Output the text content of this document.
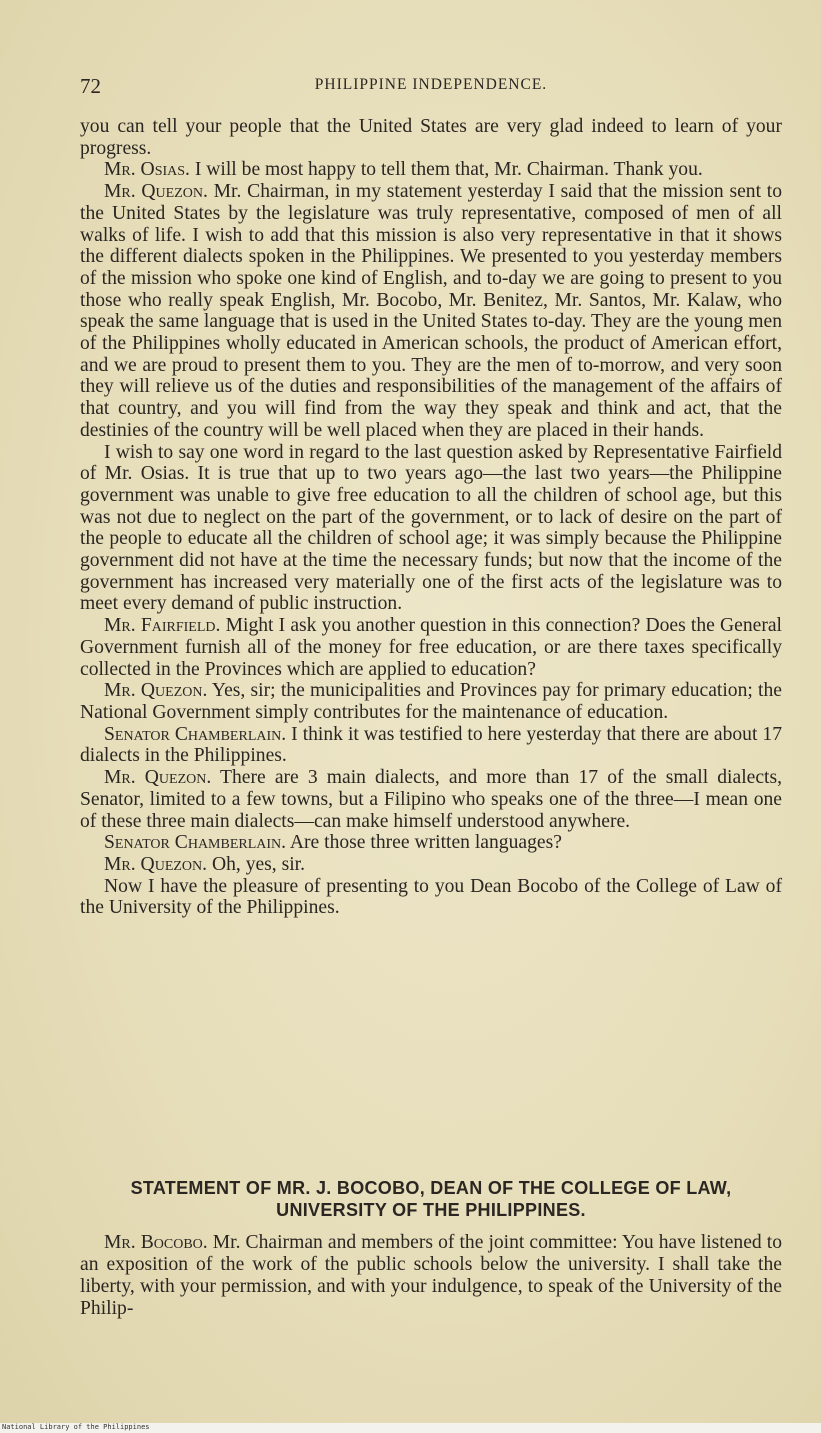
72	PHILIPPINE INDEPENDENCE.

you can tell your people that the United States are very glad indeed to learn of your progress.

Mr. Osias. I will be most happy to tell them that, Mr. Chairman. Thank you.

Mr. Quezon. Mr. Chairman, in my statement yesterday I said that the mission sent to the United States by the legislature was truly representative, composed of men of all walks of life. I wish to add that this mission is also very representative in that it shows the different dialects spoken in the Philippines. We presented to you yesterday members of the mission who spoke one kind of English, and to-day we are going to present to you those who really speak English, Mr. Bocobo, Mr. Benitez, Mr. Santos, Mr. Kalaw, who speak the same language that is used in the United States to-day. They are the young men of the Philippines wholly educated in American schools, the product of American effort, and we are proud to present them to you. They are the men of to-morrow, and very soon they will relieve us of the duties and responsibilities of the management of the affairs of that country, and you will find from the way they speak and think and act, that the destinies of the country will be well placed when they are placed in their hands.

I wish to say one word in regard to the last question asked by Representative Fairfield of Mr. Osias. It is true that up to two years ago—the last two years—the Philippine government was unable to give free education to all the children of school age, but this was not due to neglect on the part of the government, or to lack of desire on the part of the people to educate all the children of school age; it was simply because the Philippine government did not have at the time the necessary funds; but now that the income of the government has increased very materially one of the first acts of the legislature was to meet every demand of public instruction.

Mr. Fairfield. Might I ask you another question in this connection? Does the General Government furnish all of the money for free education, or are there taxes specifically collected in the Provinces which are applied to education?

Mr. Quezon. Yes, sir; the municipalities and Provinces pay for primary education; the National Government simply contributes for the maintenance of education.

Senator Chamberlain. I think it was testified to here yesterday that there are about 17 dialects in the Philippines.

Mr. Quezon. There are 3 main dialects, and more than 17 of the small dialects, Senator, limited to a few towns, but a Filipino who speaks one of the three—I mean one of these three main dialects—can make himself understood anywhere.

Senator Chamberlain. Are those three written languages?

Mr. Quezon. Oh, yes, sir.

Now I have the pleasure of presenting to you Dean Bocobo of the College of Law of the University of the Philippines.

STATEMENT OF MR. J. BOCOBO, DEAN OF THE COLLEGE OF LAW,
UNIVERSITY OF THE PHILIPPINES.

Mr. Bocobo. Mr. Chairman and members of the joint committee: You have listened to an exposition of the work of the public schools below the university. I shall take the liberty, with your permission, and with your indulgence, to speak of the University of the Philip-

National Library of the Philippines
